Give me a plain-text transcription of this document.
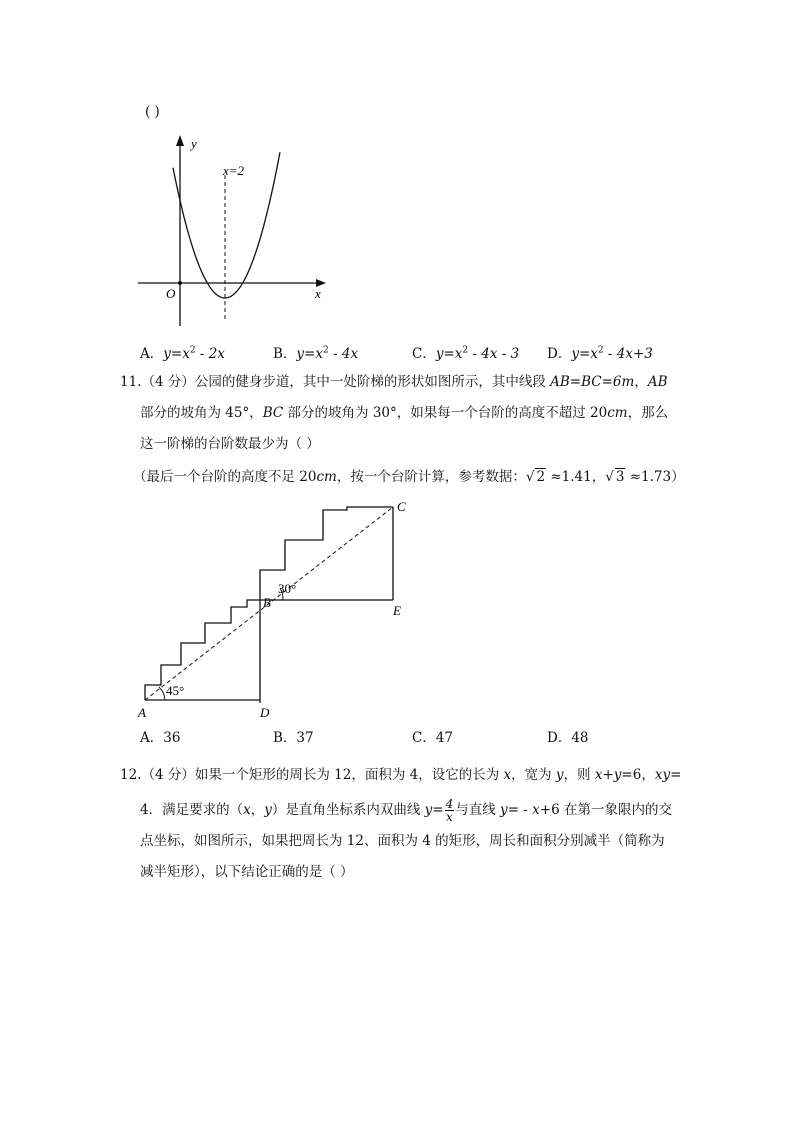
( )
y
x
O
x=2
A．$y=x^2 - 2x$	B．$y=x^2 - 4x$	C．$y=x^2 - 4x - 3$ D．$y=x^2 - 4x+3$
11.（4 分）公园的健身步道，其中一处阶梯的形状如图所示，其中线段 AB=BC=6m，AB
部分的坡角为 45°，BC 部分的坡角为 30°，如果每一个台阶的高度不超过 20cm，那么
这一阶梯的台阶数最少为（ ）
（最后一个台阶的高度不足 20cm，按一个台阶计算，参考数据：√ 2 ≈1.41，√ 3 ≈1.73）
C
B
E
A	D
45°
30°
A．36	B．37	C．47	D．48
12.（4 分）如果一个矩形的周长为 12，面积为 4，设它的长为 x，宽为 y，则 x+y=6，xy=
4．满足要求的（x，y）是直角坐标系内双曲线 $y= \frac{4}{x}$ 与直线 y= - x+6 在第一象限内的交
点坐标，如图所示，如果把周长为 12、面积为 4 的矩形，周长和面积分别减半（简称为
减半矩形），以下结论正确的是（ ）
